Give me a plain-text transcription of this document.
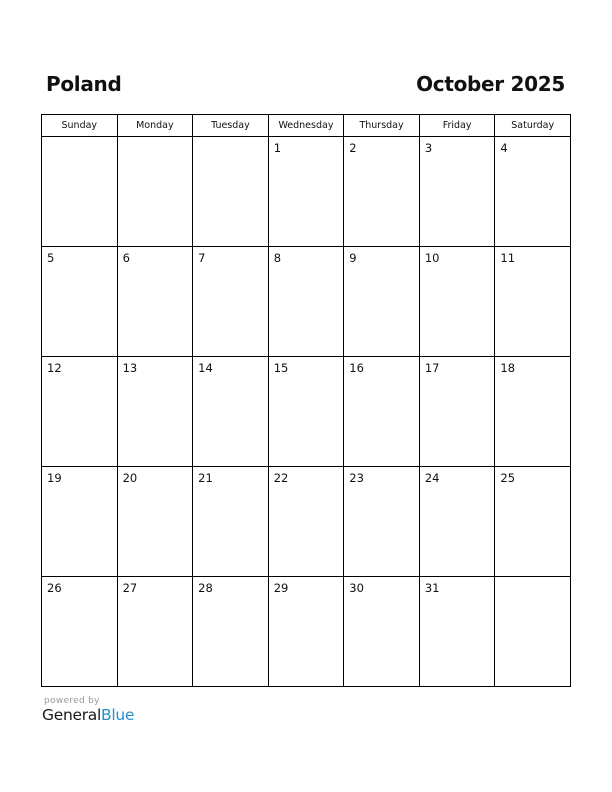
Poland	October 2025
Sunday	Monday	Tuesday	Wednesday	Thursday	Friday	Saturday

			1	2	3	4

5	6	7	8	9	10	11

12	13	14	15	16	17	18

19	20	21	22	23	24	25

26	27	28	29	30	31	

powered by
GeneralBlue
